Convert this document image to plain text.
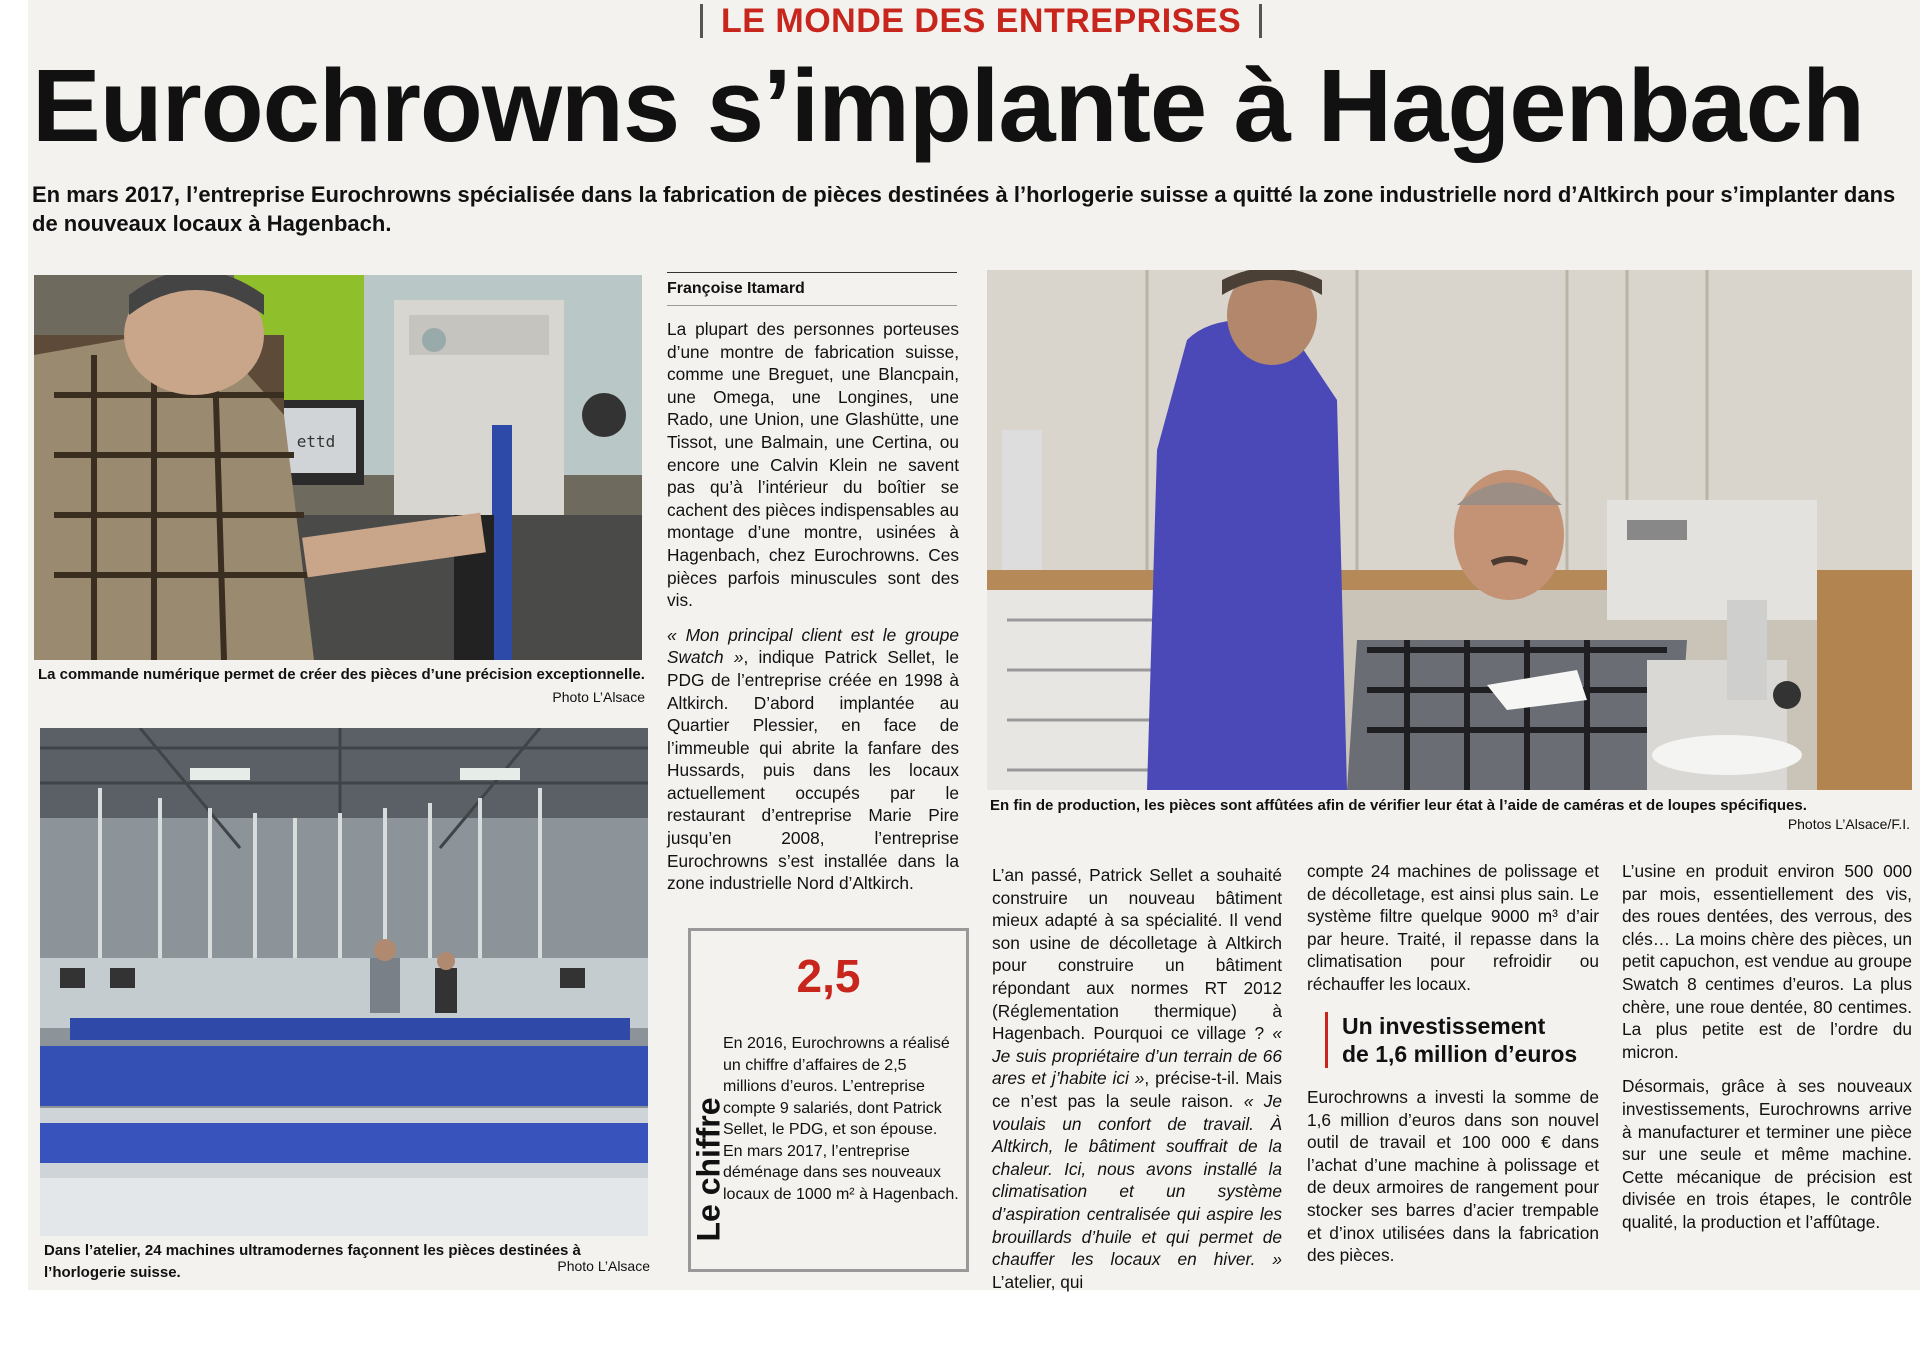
LE MONDE DES ENTREPRISES
Eurochrowns s’implante à Hagenbach

En mars 2017, l’entreprise Eurochrowns spécialisée dans la fabrication de pièces destinées à l’horlogerie suisse a quitté la zone industrielle nord d’Altkirch pour s’implanter dans de nouveaux locaux à Hagenbach.

ettd
La commande numérique permet de créer des pièces d’une précision exceptionnelle.
Photo L’Alsace
Dans l’atelier, 24 machines ultramodernes façonnent les pièces destinées à l’horlogerie suisse.	Photo L’Alsace
En fin de production, les pièces sont affûtées afin de vérifier leur état à l’aide de caméras et de loupes spécifiques.
Photos L’Alsace/F.I.
Françoise Itamard

La plupart des personnes porteuses d’une montre de fabrication suisse, comme une Breguet, une Blancpain, une Omega, une Longines, une Rado, une Union, une Glashütte, une Tissot, une Balmain, une Certina, ou encore une Calvin Klein ne savent pas qu’à l’intérieur du boîtier se cachent des pièces indispensables au montage d’une montre, usinées à Hagenbach, chez Eurochrowns. Ces pièces parfois minuscules sont des vis.

« Mon principal client est le groupe Swatch », indique Patrick Sellet, le PDG de l’entreprise créée en 1998 à Altkirch. D’abord implantée au Quartier Plessier, en face de l’immeuble qui abrite la fanfare des Hussards, puis dans les locaux actuellement occupés par le restaurant d’entreprise Marie Pire jusqu’en 2008, l’entreprise Eurochrowns s’est installée dans la zone industrielle Nord d’Altkirch.

2,5
Le chiffre
En 2016, Eurochrowns a réalisé un chiffre d’affaires de 2,5 millions d’euros. L’entreprise compte 9 salariés, dont Patrick Sellet, le PDG, et son épouse.
En mars 2017, l’entreprise déménage dans ses nouveaux locaux de 1000 m² à Hagenbach.

L’an passé, Patrick Sellet a souhaité construire un nouveau bâtiment mieux adapté à sa spécialité. Il vend son usine de décolletage à Altkirch pour construire un bâtiment répondant aux normes RT 2012 (Réglementation thermique) à Hagenbach. Pourquoi ce village ? « Je suis propriétaire d’un terrain de 66 ares et j’habite ici », précise-t-il. Mais ce n’est pas la seule raison. « Je voulais un confort de travail. À Altkirch, le bâtiment souffrait de la chaleur. Ici, nous avons installé la climatisation et un système d’aspiration centralisée qui aspire les brouillards d’huile et qui permet de chauffer les locaux en hiver. » L’atelier, qui

compte 24 machines de polissage et de décolletage, est ainsi plus sain. Le système filtre quelque 9000 m³ d’air par heure. Traité, il repasse dans la climatisation pour refroidir ou réchauffer les locaux.

Un investissement
de 1,6 million d’euros

Eurochrowns a investi la somme de 1,6 million d’euros dans son nouvel outil de travail et 100 000 € dans l’achat d’une machine à polissage et de deux armoires de rangement pour stocker ses barres d’acier trempable et d’inox utilisées dans la fabrication des pièces.

L’usine en produit environ 500 000 par mois, essentiellement des vis, des roues dentées, des verrous, des clés… La moins chère des pièces, un petit capuchon, est vendue au groupe Swatch 8 centimes d’euros. La plus chère, une roue dentée, 80 centimes. La plus petite est de l’ordre du micron.

Désormais, grâce à ses nouveaux investissements, Eurochrowns arrive à manufacturer et terminer une pièce sur une seule et même machine. Cette mécanique de précision est divisée en trois étapes, le contrôle qualité, la production et l’affûtage.
